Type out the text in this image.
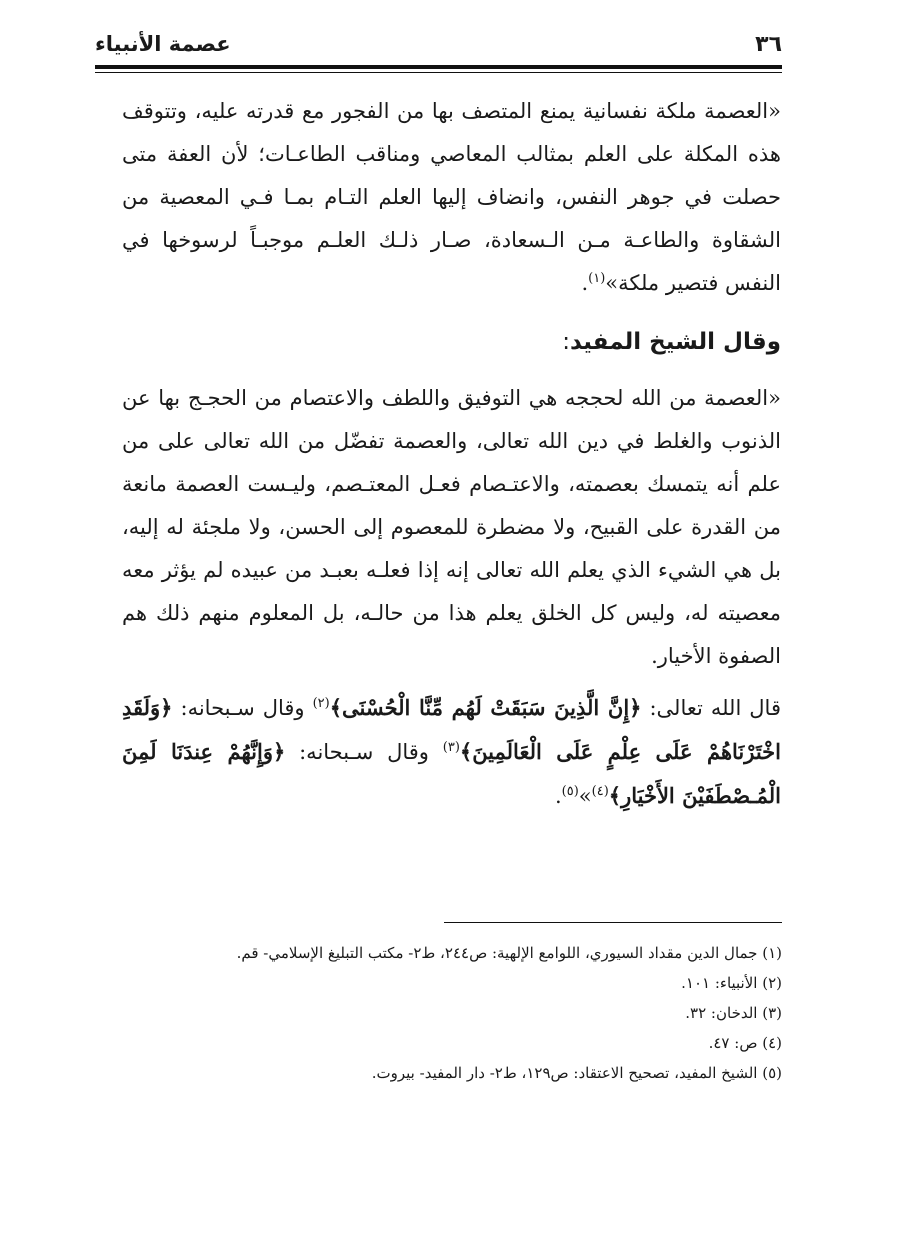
٣٦
عصمة الأنبياء

«العصمة ملكة نفسانية يمنع المتصف بها من الفجور مع قدرته عليه، وتتوقف هذه المكلة على العلم بمثالب المعاصي ومناقب الطاعـات؛ لأن العفة متى حصلت في جوهر النفس، وانضاف إليها العلم التـام بمـا فـي المعصية من الشقاوة والطاعـة مـن الـسعادة، صـار ذلـك العلـم موجبـاً لرسوخها في النفس فتصير ملكة»$^{(١)}$.

وقال الشيخ المفيد:

«العصمة من الله لحججه هي التوفيق واللطف والاعتصام من الحجـج بها عن الذنوب والغلط في دين الله تعالى، والعصمة تفضّل من الله تعالى على من علم أنه يتمسك بعصمته، والاعتـصام فعـل المعتـصم، وليـست العصمة مانعة من القدرة على القبيح، ولا مضطرة للمعصوم إلى الحسن، ولا ملجئة له إليه، بل هي الشيء الذي يعلم الله تعالى إنه إذا فعلـه بعبـد من عبيده لم يؤثر معه معصيته له، وليس كل الخلق يعلم هذا من حالـه، بل المعلوم منهم ذلك هم الصفوة الأخيار.

قال الله تعالى: ﴿إِنَّ الَّذِينَ سَبَقَتْ لَهُم مِّنَّا الْحُسْنَى﴾$^{(٢)}$ وقال سـبحانه: ﴿وَلَقَدِ اخْتَرْنَاهُمْ عَلَى عِلْمٍ عَلَى الْعَالَمِينَ﴾$^{(٣)}$ وقال سـبحانه: ﴿وَإِنَّهُمْ عِندَنَا لَمِنَ الْمُـصْطَفَيْنَ الأَخْيَارِ﴾$^{(٤)}$»$^{(٥)}$.

(١) جمال الدين مقداد السيوري، اللوامع الإلهية: ص٢٤٤، ط٢- مكتب التبليغ الإسلامي- قم.

(٢) الأنبياء: ١٠١.

(٣) الدخان: ٣٢.

(٤) ص: ٤٧.

(٥) الشيخ المفيد، تصحيح الاعتقاد: ص١٢٩، ط٢- دار المفيد- بيروت.
